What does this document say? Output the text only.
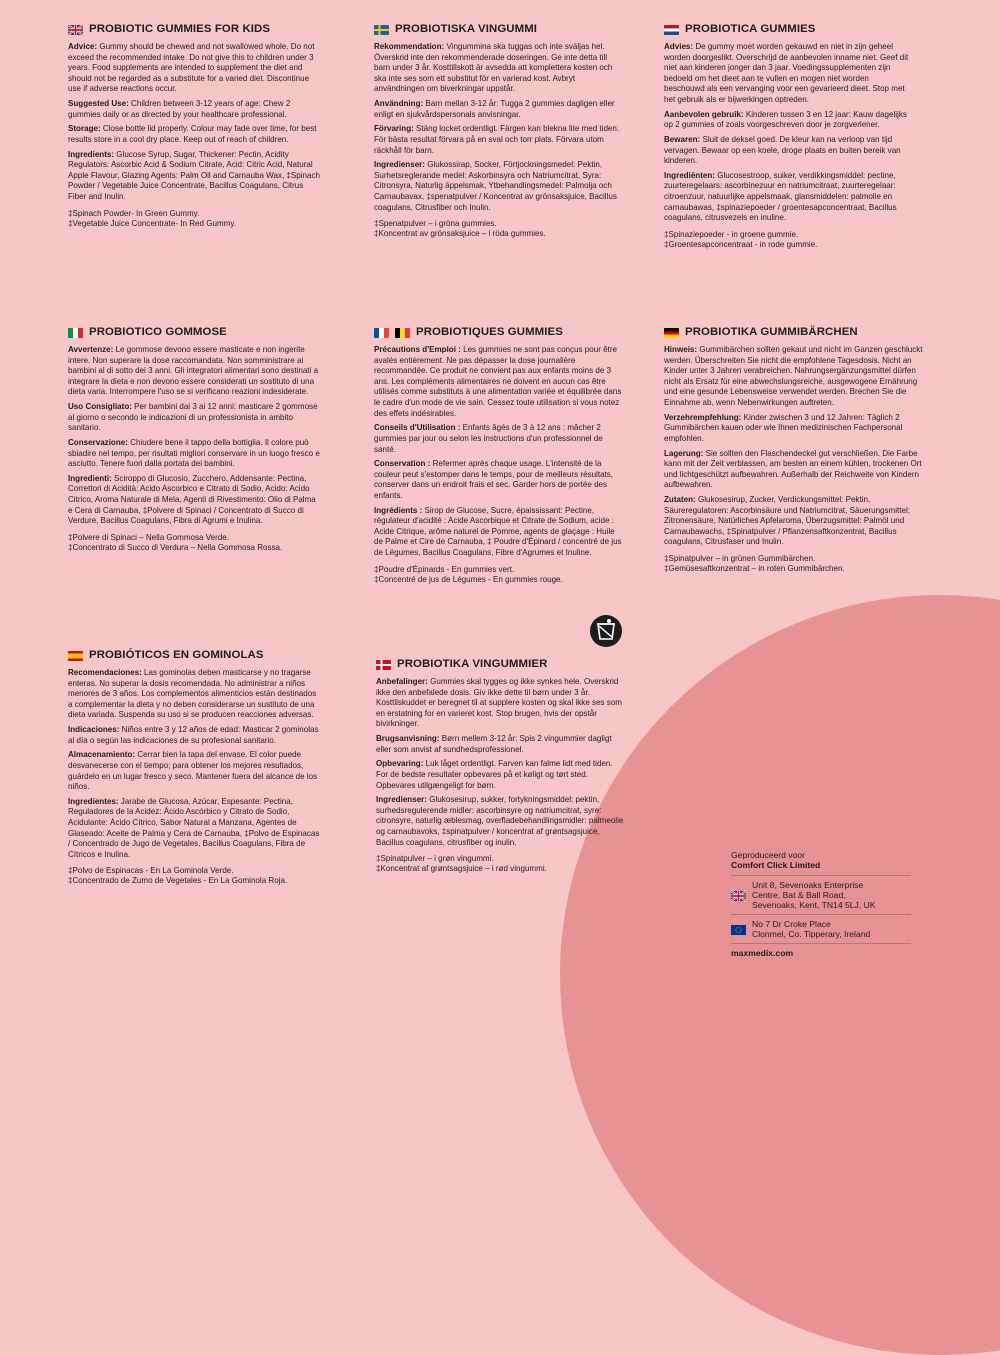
PROBIOTIC GUMMIES FOR KIDS

Advice: Gummy should be chewed and not swallowed whole. Do not exceed the recommended intake. Do not give this to children under 3 years. Food supplements are intended to supplement the diet and should not be regarded as a substitute for a varied diet. Discontinue use if adverse reactions occur.

Suggested Use: Children between 3-12 years of age: Chew 2 gummies daily or as directed by your healthcare professional.

Storage: Close bottle lid properly. Colour may fade over time, for best results store in a cool dry place. Keep out of reach of children.

Ingredients: Glucose Syrup, Sugar, Thickener: Pectin, Acidity Regulators: Ascorbic Acid & Sodium Citrate, Acid: Citric Acid, Natural Apple Flavour, Glazing Agents: Palm Oil and Carnauba Wax, ‡Spinach Powder / Vegetable Juice Concentrate, Bacillus Coagulans, Citrus Fiber and Inulin.

‡Spinach Powder- In Green Gummy.
‡Vegetable Juice Concentrate- In Red Gummy.
PROBIOTISKA VINGUMMI

Rekommendation: Vingummina ska tuggas och inte sväljas hel. Överskrid inte den rekommenderade doseringen. Ge inte detta till barn under 3 år. Kosttillskott är avsedda att komplettera kosten och ska inte ses som ett substitut för en varierad kost. Avbryt användningen om biverkningar uppstår.

Användning: Barn mellan 3-12 år: Tugga 2 gummies dagligen eller enligt en sjukvårdspersonals anvisningar.

Förvaring: Stäng locket ordentligt. Färgen kan blekna lite med tiden. För bästa resultat förvara på en sval och torr plats. Förvara utom räckhåll för barn.

Ingredienser: Glukossirap, Socker, Förtjockningsmedel: Pektin, Surhetsreglerande medel: Askorbinsyra och Natriumcitrat, Syra: Citronsyra, Naturlig äppelsmak, Ytbehandlingsmedel: Palmolja och Carnaubavax, ‡spenatpulver / Koncentrat av grönsaksjuice, Bacillus coagulans, Citrusfiber och Inulin.

‡Spenatpulver – i gröna gummies.
‡Koncentrat av grönsaksjuice – i röda gummies.
PROBIOTICA GUMMIES

Advies: De gummy moet worden gekauwd en niet in zijn geheel worden doorgeslikt. Overschrijd de aanbevolen inname niet. Geef dit niet aan kinderen jonger dan 3 jaar. Voedingssupplementen zijn bedoeld om het dieet aan te vullen en mogen niet worden beschouwd als een vervanging voor een gevarieerd dieet. Stop met het gebruik als er bijwerkingen optreden.

Aanbevolen gebruik: Kinderen tussen 3 en 12 jaar: Kauw dagelijks op 2 gummies of zoals voorgeschreven door je zorgverlener.

Bewaren: Sluit de deksel goed. De kleur kan na verloop van tijd vervagen. Bewaar op een koele, droge plaats en buiten bereik van kinderen.

Ingrediënten: Glucosestroop, suiker, verdikkingsmiddel: pectine, zuurteregelaars: ascorbinezuur en natriumcitraat, zuurteregelaar: citroenzuur, natuurlijke appelsmaak, glansmiddelen: palmolie en carnaubawas, ‡spinaziepoeder / groentesapconcentraat, Bacillus coagulans, citrusvezels en inuline.

‡Spinaziepoeder - in groene gummie.
‡Groentesapconcentraat - in rode gummie.
PROBIOTICO GOMMOSE

Avvertenze: Le gommose devono essere masticate e non ingerite intere. Non superare la dose raccomandata. Non somministrare ai bambini al di sotto dei 3 anni. Gli integratori alimentari sono destinati a integrare la dieta e non devono essere considerati un sostituto di una dieta varia. Interrompere l'uso se si verificano reazioni indesiderate.

Uso Consigliato: Per bambini dai 3 ai 12 anni: masticare 2 gommose al giorno o secondo le indicazioni di un professionista in ambito sanitario.

Conservazione: Chiudere bene il tappo della bottiglia. Il colore può sbiadire nel tempo, per risultati migliori conservare in un luogo fresco e asciutto. Tenere fuori dalla portata dei bambini.

Ingredienti: Sciroppo di Glucosio, Zucchero, Addensante: Pectina, Correttori di Acidità: Acido Ascorbico e Citrato di Sodio, Acido: Acido Citrico, Aroma Naturale di Mela, Agenti di Rivestimento: Olio di Palma e Cera di Carnauba, ‡Polvere di Spinaci / Concentrato di Succo di Verdure, Bacillus Coagulans, Fibra di Agrumi e Inulina.

‡Polvere di Spinaci – Nella Gommosa Verde.
‡Concentrato di Succo di Verdura – Nella Gommosa Rossa.
PROBIOTIQUES GUMMIES

Précautions d'Emploi : Les gummies ne sont pas conçus pour être avalés entièrement. Ne pas dépasser la dose journalière recommandée. Ce produit ne convient pas aux enfants moins de 3 ans. Les compléments alimentaires ne doivent en aucun cas être utilisés comme substituts à une alimentation variée et équilibrée dans le cadre d'un mode de vie sain. Cessez toute utilisation si vous notez des effets indésirables.

Conseils d'Utilisation : Enfants âgés de 3 à 12 ans : mâcher 2 gummies par jour ou selon les instructions d'un professionnel de santé.

Conservation : Refermer après chaque usage. L'intensité de la couleur peut s'estomper dans le temps, pour de meilleurs résultats, conserver dans un endroit frais et sec. Garder hors de portée des enfants.

Ingrédients : Sirop de Glucose, Sucre, épaississant: Pectine, régulateur d'acidité : Acide Ascorbique et Citrate de Sodium, acide : Acide Citrique, arôme naturel de Pomme, agents de glaçage : Huile de Palme et Cire de Carnauba, ‡ Poudre d'Épinard / concentré de jus de Légumes, Bacillus Coagulans, Fibre d'Agrumes et Inuline.

‡Poudre d'Épinards - En gummies vert.
‡Concentré de jus de Légumes - En gummies rouge.
PROBIOTIKA GUMMIBÄRCHEN

Hinweis: Gummibärchen sollten gekaut und nicht im Ganzen geschluckt werden. Überschreiten Sie nicht die empfohlene Tagesdosis. Nicht an Kinder unter 3 Jahren verabreichen. Nahrungsergänzungsmittel dürfen nicht als Ersatz für eine abwechslungsreiche, ausgewogene Ernährung und eine gesunde Lebensweise verwendet werden. Brechen Sie die Einnahme ab, wenn Nebenwirkungen auftreten.

Verzehrempfehlung: Kinder zwischen 3 und 12 Jahren: Täglich 2 Gummibärchen kauen oder wie Ihnen medizinischen Fachpersonal empfohlen.

Lagerung: Sie sollten den Flaschendeckel gut verschließen. Die Farbe kann mit der Zeit verblassen, am besten an einem kühlen, trockenen Ort und lichtgeschützt aufbewahren. Außerhalb der Reichweite von Kindern aufbewahren.

Zutaten: Glukosesirup, Zucker, Verdickungsmittel: Pektin, Säureregulatoren: Ascorbinsäure und Natriumcitrat, Säuerungsmittel: Zitronensäure, Natürliches Apfelaroma, Überzugsmittel: Palmöl und Carnaubawachs, ‡Spinatpulver / Pflanzensaftkonzentrat, Bacillus coagulans, Citrusfaser und Inulin.

‡Spinatpulver – in grünen Gummibärchen.
‡Gemüsesaftkonzentrat – in roten Gummibärchen.
PROBIÓTICOS EN GOMINOLAS

Recomendaciones: Las gominolas deben masticarse y no tragarse enteras. No superar la dosis recomendada. No administrar a niños menores de 3 años. Los complementos alimenticios están destinados a complementar la dieta y no deben considerarse un sustituto de una dieta variada. Suspenda su uso si se producen reacciones adversas.

Indicaciones: Niños entre 3 y 12 años de edad: Masticar 2 gominolas al día o según las indicaciones de su profesional sanitario.

Almacenamiento: Cerrar bien la tapa del envase. El color puede desvanecerse con el tiempo; para obtener los mejores resultados, guárdelo en un lugar fresco y seco. Mantener fuera del alcance de los niños.

Ingredientes: Jarabe de Glucosa, Azúcar, Espesante: Pectina, Reguladores de la Acidez: Ácido Ascórbico y Citrato de Sodio, Acidulante: Ácido Cítrico, Sabor Natural a Manzana, Agentes de Glaseado: Aceite de Palma y Cera de Carnauba, ‡Polvo de Espinacas / Concentrado de Jugo de Vegetales, Bacillus Coagulans, Fibra de Cítricos e Inulina.

‡Polvo de Espinacas - En La Gominola Verde.
‡Concentrado de Zumo de Vegetales - En La Gominola Roja.
PROBIOTIKA VINGUMMIER

Anbefalinger: Gummies skal tygges og ikke synkes hele. Overskrid ikke den anbefalede dosis. Giv ikke dette til børn under 3 år. Kosttilskuddet er beregnet til at supplere kosten og skal ikke ses som en erstatning for en varieret kost. Stop brugen, hvis der opstår bivirkninger.

Brugsanvisning: Børn mellem 3-12 år: Spis 2 vingummier dagligt eller som anvist af sundhedsprofessionel.

Opbevaring: Luk låget ordentligt. Farven kan falme lidt med tiden. For de bedste resultater opbevares på et køligt og tørt sted. Opbevares utilgængeligt for børn.

Ingredienser: Glukosesirup, sukker, fortykningsmiddel: pektin, surhedsregulerende midler: ascorbinsyre og natriumcitrat, syre: citronsyre, naturlig æblesmag, overfladebehandlingsmidler: palmeolie og carnaubavoks, ‡spinatpulver / koncentrat af grøntsagsjuice, Bacillus coagulans, citrusfiber og inulin.

‡Spinatpulver – i grøn vingummi.
‡Koncentrat af grøntsagsjuice – i rød vingummi.
Geproduceerd voor
Comfort Click Limited
Unit 8, Sevenoaks Enterprise
Centre, Bat & Ball Road,
Sevenoaks, Kent, TN14 5LJ, UK
No 7 Dr Croke Place
Clonmel, Co. Tipperary, Ireland
maxmedix.com
